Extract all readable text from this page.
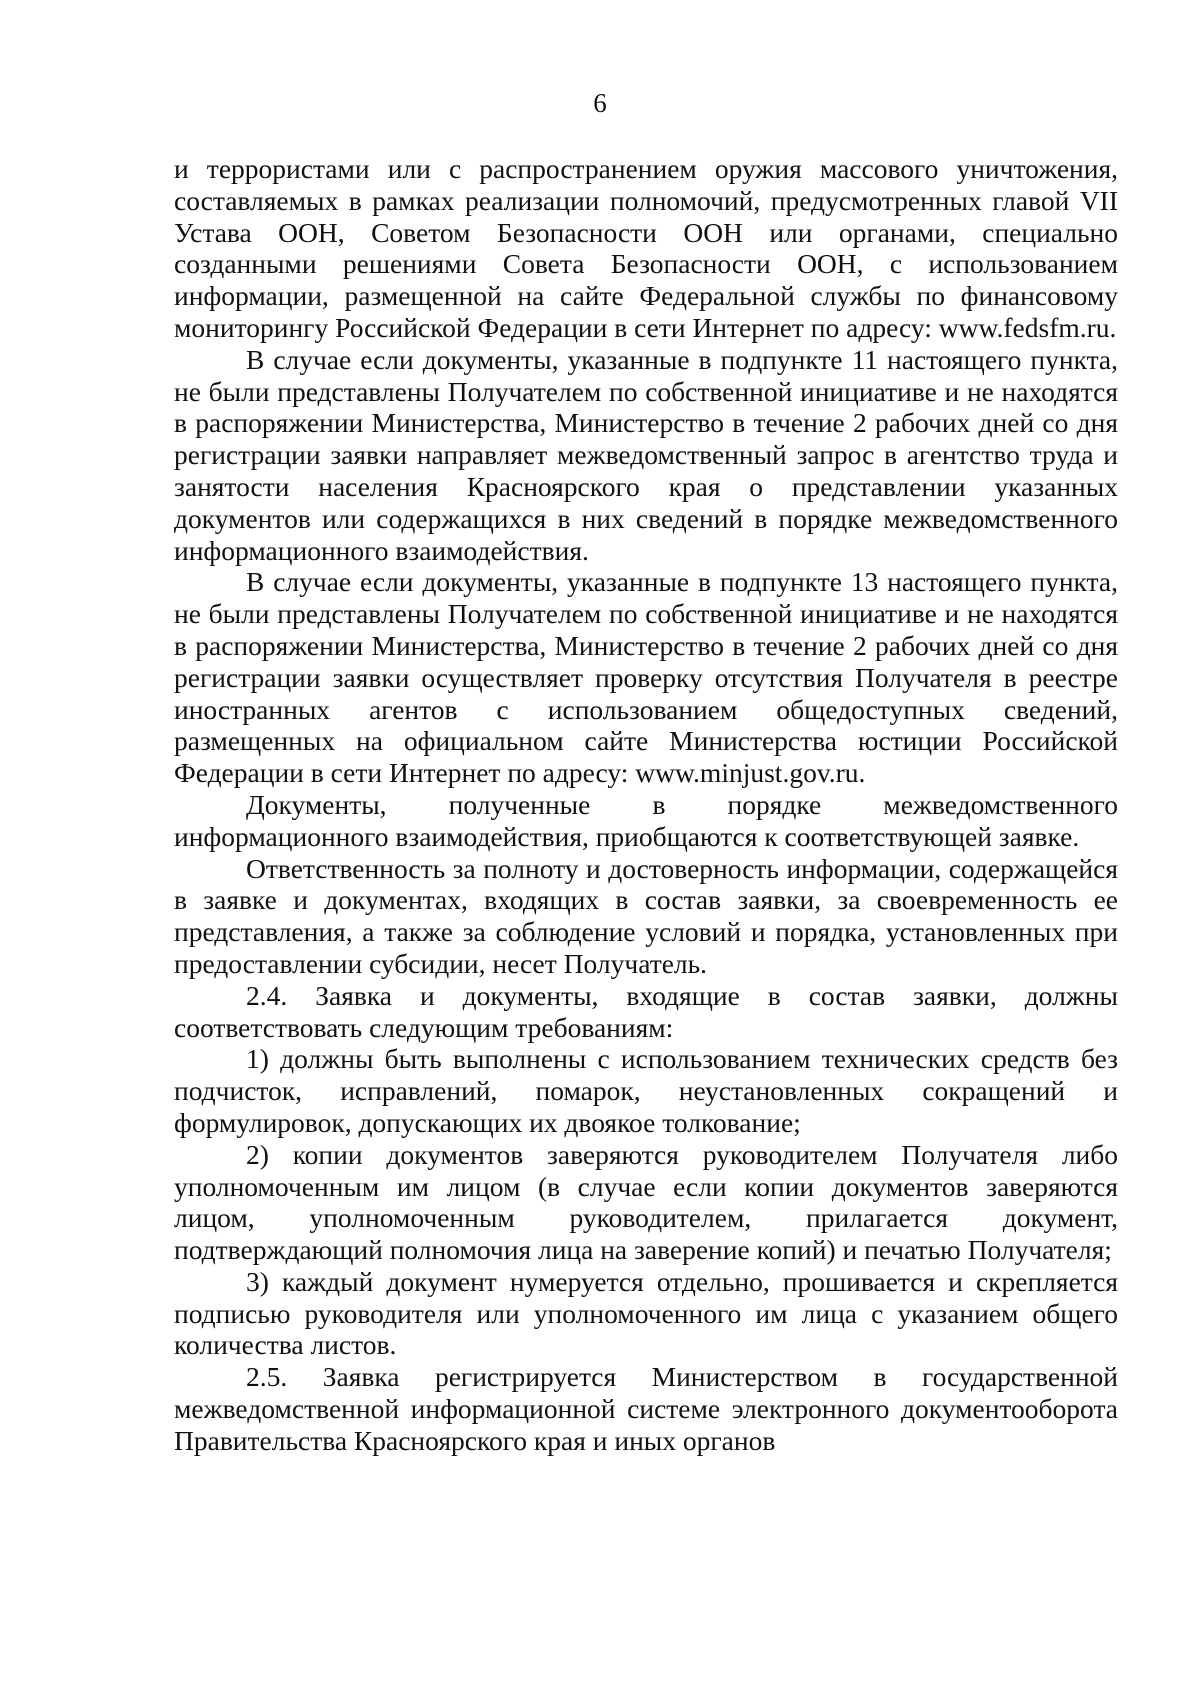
6

и террористами или с распространением оружия массового уничтожения, составляемых в рамках реализации полномочий, предусмотренных главой VII Устава ООН, Советом Безопасности ООН или органами, специально созданными решениями Совета Безопасности ООН, с использованием информации, размещенной на сайте Федеральной службы по финансовому мониторингу Российской Федерации в сети Интернет по адресу: www.fedsfm.ru.

В случае если документы, указанные в подпункте 11 настоящего пункта, не были представлены Получателем по собственной инициативе и не находятся в распоряжении Министерства, Министерство в течение 2 рабочих дней со дня регистрации заявки направляет межведомственный запрос в агентство труда и занятости населения Красноярского края о представлении указанных документов или содержащихся в них сведений в порядке межведомственного информационного взаимодействия.

В случае если документы, указанные в подпункте 13 настоящего пункта, не были представлены Получателем по собственной инициативе и не находятся в распоряжении Министерства, Министерство в течение 2 рабочих дней со дня регистрации заявки осуществляет проверку отсутствия Получателя в реестре иностранных агентов с использованием общедоступных сведений, размещенных на официальном сайте Министерства юстиции Российской Федерации в сети Интернет по адресу: www.minjust.gov.ru.

Документы, полученные в порядке межведомственного информационного взаимодействия, приобщаются к соответствующей заявке.

Ответственность за полноту и достоверность информации, содержащейся в заявке и документах, входящих в состав заявки, за своевременность ее представления, а также за соблюдение условий и порядка, установленных при предоставлении субсидии, несет Получатель.

2.4. Заявка и документы, входящие в состав заявки, должны соответствовать следующим требованиям:

1) должны быть выполнены с использованием технических средств без подчисток, исправлений, помарок, неустановленных сокращений и формулировок, допускающих их двоякое толкование;

2) копии документов заверяются руководителем Получателя либо уполномоченным им лицом (в случае если копии документов заверяются лицом, уполномоченным руководителем, прилагается документ, подтверждающий полномочия лица на заверение копий) и печатью Получателя;

3) каждый документ нумеруется отдельно, прошивается и скрепляется подписью руководителя или уполномоченного им лица с указанием общего количества листов.

2.5. Заявка регистрируется Министерством в государственной межведомственной информационной системе электронного документооборота Правительства Красноярского края и иных органов
